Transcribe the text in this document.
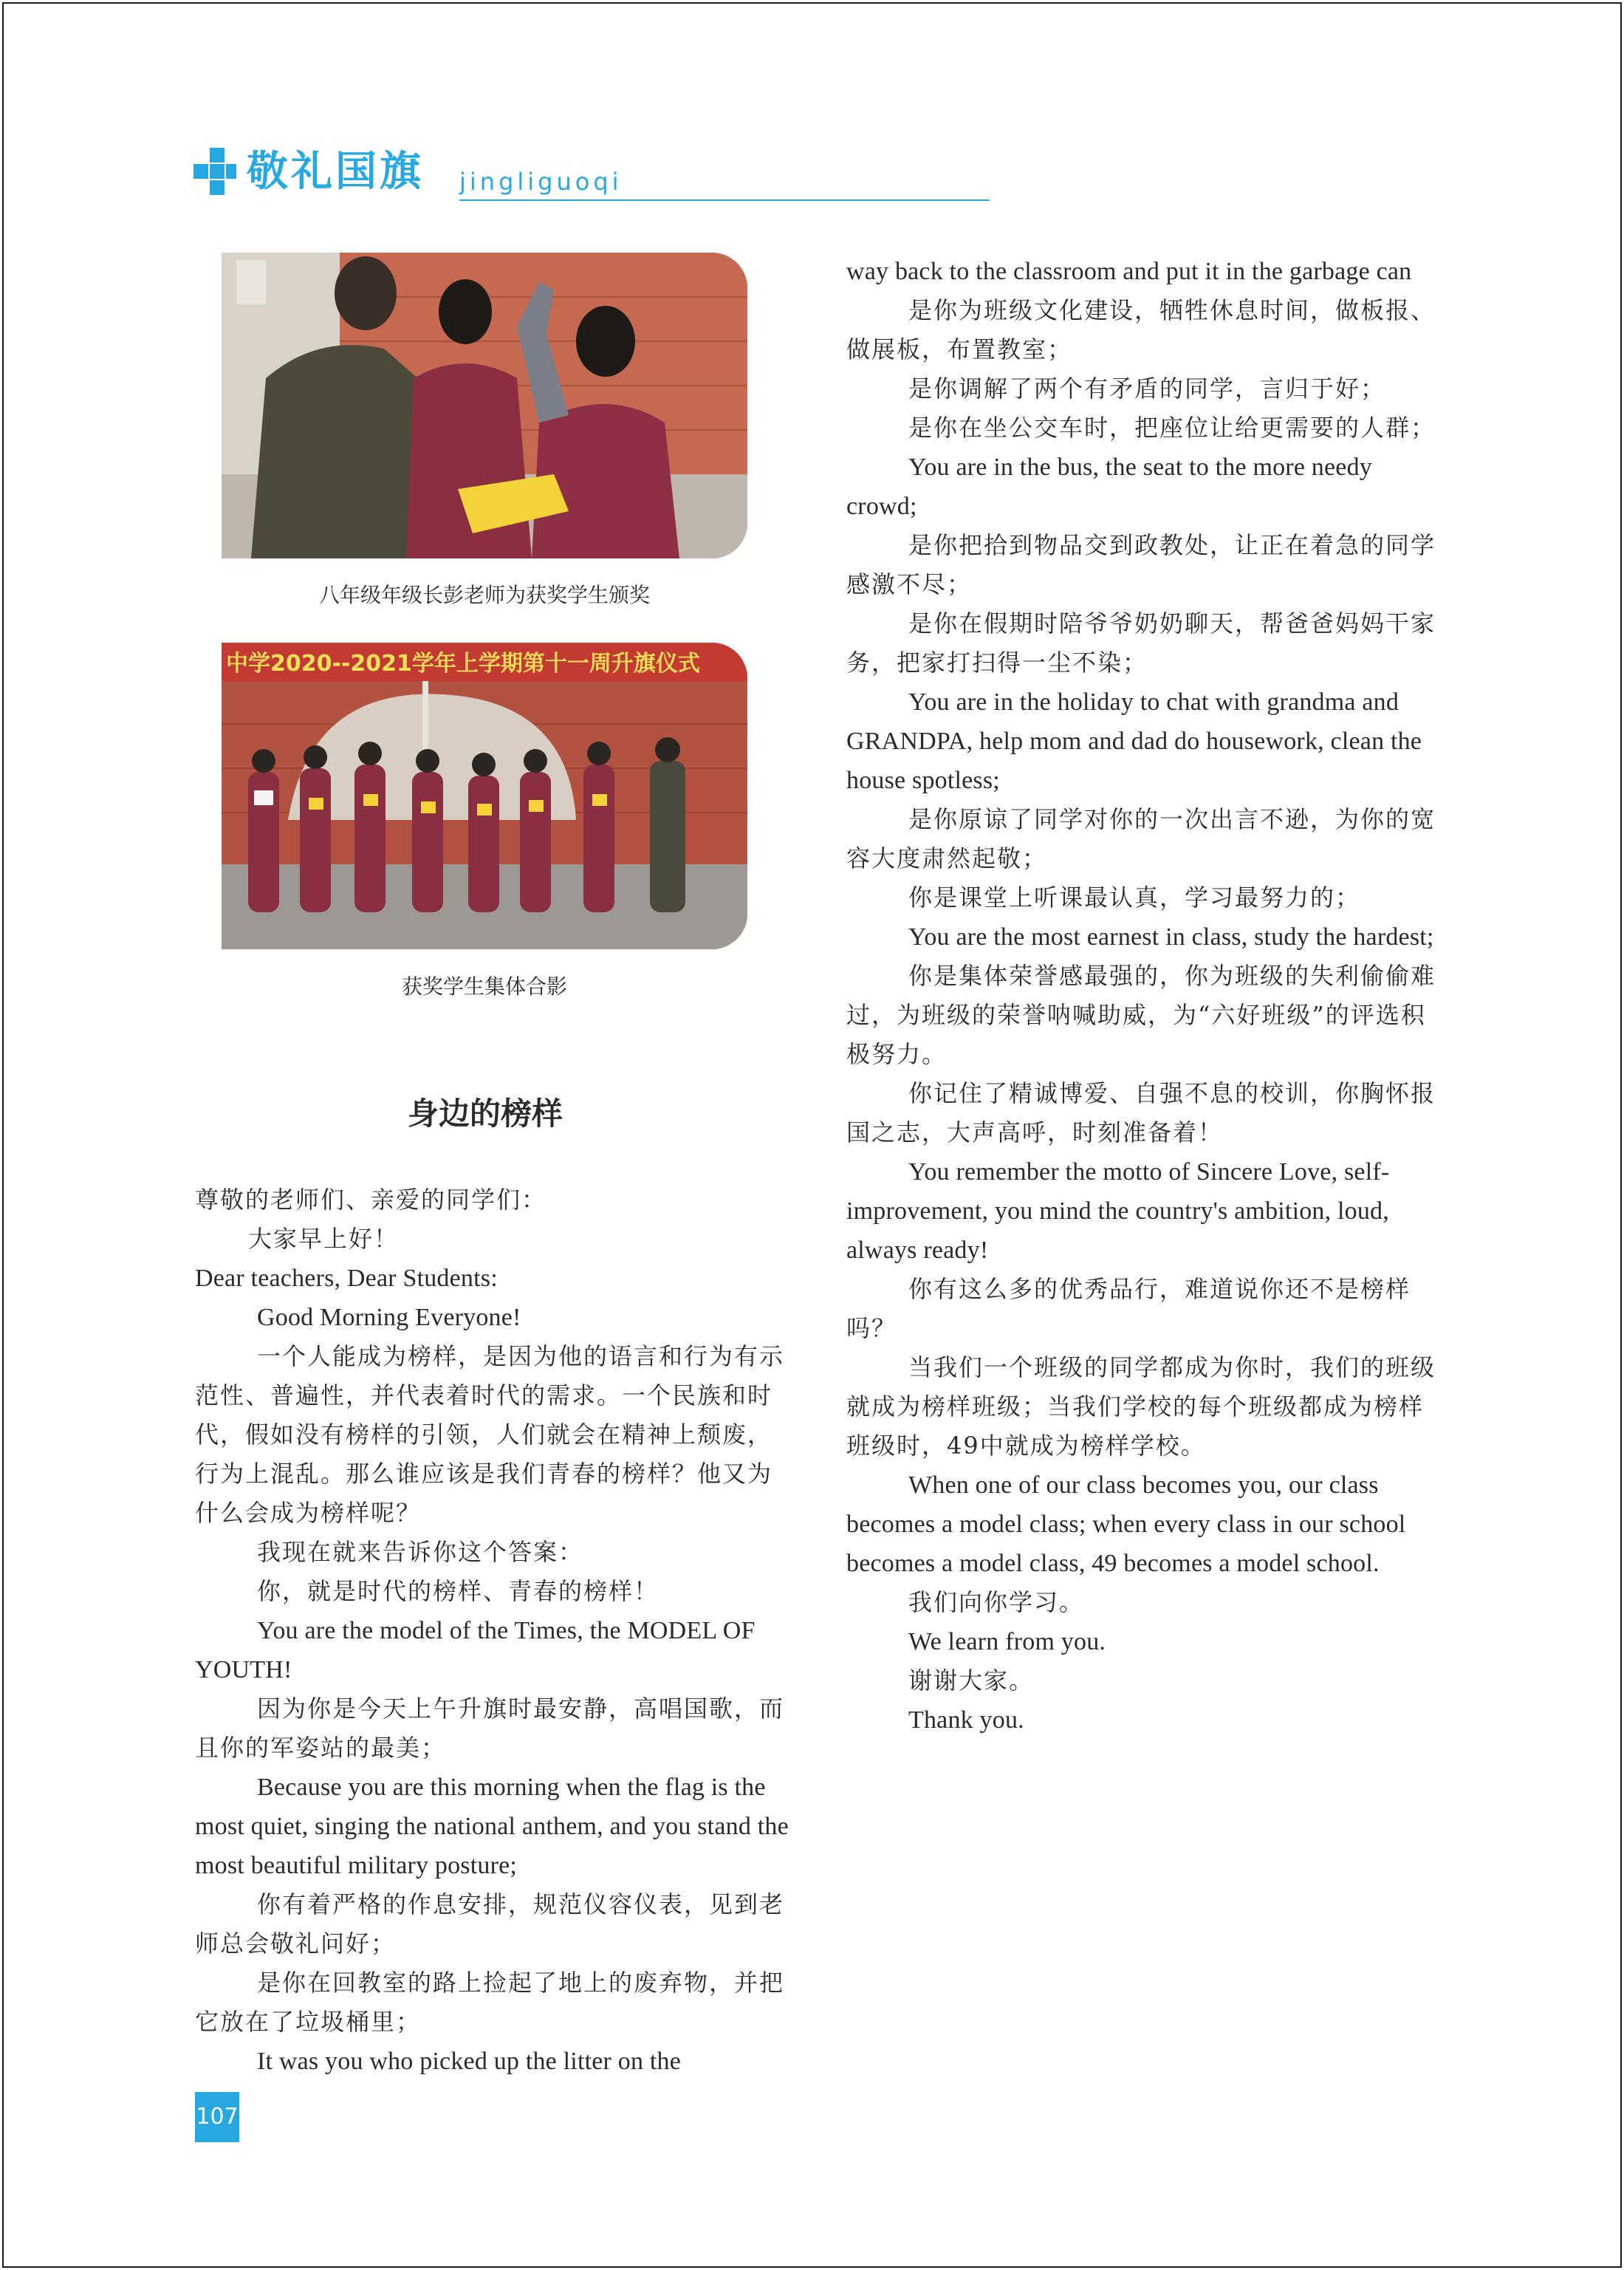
敬礼国旗 jingliguoqi
八年级年级长彭老师为获奖学生颁奖
中学2020--2021学年上学期第十一周升旗仪式
获奖学生集体合影
身边的榜样

尊敬的老师们、亲爱的同学们：

大家早上好！

Dear teachers, Dear Students:

Good Morning Everyone!

一个人能成为榜样，是因为他的语言和行为有示范性、普遍性，并代表着时代的需求。一个民族和时代，假如没有榜样的引领，人们就会在精神上颓废，行为上混乱。那么谁应该是我们青春的榜样？他又为什么会成为榜样呢？

我现在就来告诉你这个答案：

你，就是时代的榜样、青春的榜样！

You are the model of the Times, the MODEL OF YOUTH!

因为你是今天上午升旗时最安静，高唱国歌，而且你的军姿站的最美；

Because you are this morning when the flag is the most quiet, singing the national anthem, and you stand the most beautiful military posture;

你有着严格的作息安排，规范仪容仪表，见到老师总会敬礼问好；

是你在回教室的路上捡起了地上的废弃物，并把它放在了垃圾桶里；

It was you who picked up the litter on the

way back to the classroom and put it in the garbage can

是你为班级文化建设，牺牲休息时间，做板报、做展板，布置教室；

是你调解了两个有矛盾的同学，言归于好；

是你在坐公交车时，把座位让给更需要的人群；

You are in the bus, the seat to the more needy crowd;

是你把拾到物品交到政教处，让正在着急的同学感激不尽；

是你在假期时陪爷爷奶奶聊天，帮爸爸妈妈干家务，把家打扫得一尘不染；

You are in the holiday to chat with grandma and GRANDPA, help mom and dad do housework, clean the house spotless;

是你原谅了同学对你的一次出言不逊，为你的宽容大度肃然起敬；

你是课堂上听课最认真，学习最努力的；

You are the most earnest in class, study the hardest;

你是集体荣誉感最强的，你为班级的失利偷偷难过，为班级的荣誉呐喊助威，为“六好班级”的评选积极努力。

你记住了精诚博爱、自强不息的校训，你胸怀报国之志，大声高呼，时刻准备着！

You remember the motto of Sincere Love, self-improvement, you mind the country's ambition, loud, always ready!

你有这么多的优秀品行，难道说你还不是榜样吗？

当我们一个班级的同学都成为你时，我们的班级就成为榜样班级；当我们学校的每个班级都成为榜样班级时，49中就成为榜样学校。

When one of our class becomes you, our class becomes a model class; when every class in our school becomes a model class, 49 becomes a model school.

我们向你学习。

We learn from you.

谢谢大家。

Thank you.

107
